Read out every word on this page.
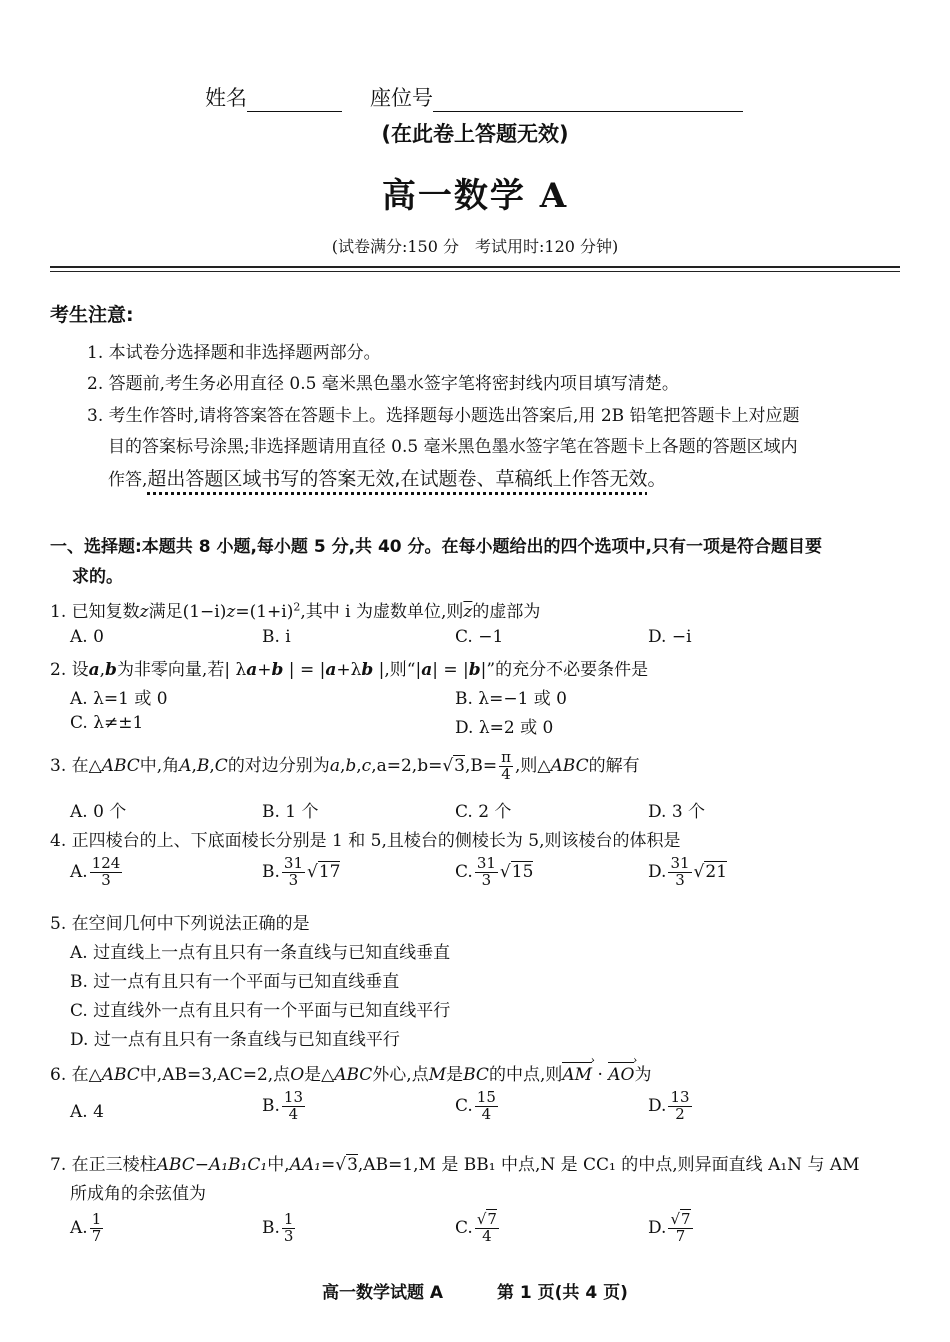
姓名	座位号
(在此卷上答题无效)
高一数学 A
(试卷满分:150 分　考试用时:120 分钟)
考生注意:
1. 本试卷分选择题和非选择题两部分。
2. 答题前,考生务必用直径 0.5 毫米黑色墨水签字笔将密封线内项目填写清楚。
3. 考生作答时,请将答案答在答题卡上。选择题每小题选出答案后,用 2B 铅笔把答题卡上对应题
目的答案标号涂黑;非选择题请用直径 0.5 毫米黑色墨水签字笔在答题卡上各题的答题区域内
作答,超出答题区域书写的答案无效,在试题卷、草稿纸上作答无效。
一、选择题:本题共 8 小题,每小题 5 分,共 40 分。在每小题给出的四个选项中,只有一项是符合题目要
求的。
1. 已知复数z满足$(1-i)z=(1+i)^2$,其中 i 为虚数单位,则$\overline{z}$的虚部为
A. 0	B. i	C. −1	D. −i
2. 设a,b为非零向量,若| λa+b | = |a+λb |,则“|a| = |b|”的充分不必要条件是
A. λ=1 或 0	B. λ=−1 或 0
C. λ≠±1	D. λ=2 或 0
3. 在△ABC中,角A,B,C的对边分别为$a,b,c,a=2,b=√3,B= \frac{\pi}{4}$ ,则△ABC的解有
A. 0 个	B. 1 个	C. 2 个	D. 3 个
4. 正四棱台的上、下底面棱长分别是 1 和 5,且棱台的侧棱长为 5,则该棱台的体积是
A. $\frac{124}{3}$	B. $\frac{31}{3} √17$	C. $\frac{31}{3} √15$	D. $\frac{31}{3} √21$
5. 在空间几何中下列说法正确的是
A. 过直线上一点有且只有一条直线与已知直线垂直
B. 过一点有且只有一个平面与已知直线垂直
C. 过直线外一点有且只有一个平面与已知直线平行
D. 过一点有且只有一条直线与已知直线平行
6. 在△ABC中,AB=3,AC=2,点O是△ABC外心,点M是BC的中点,则AM › · AO ›为
A. 4	B. $\frac{13}{4}$	C. $\frac{15}{4}$	D. $\frac{13}{2}$
7. 在正三棱柱ABC−A₁B₁C₁中,AA₁=√3,AB=1,M 是 BB₁ 中点,N 是 CC₁ 的中点,则异面直线 A₁N 与 AM
所成角的余弦值为
A. $\frac{1}{7}$	B. $\frac{1}{3}$	C. $\frac{√7}{4}$	D. $\frac{√7}{7}$
高一数学试题 A	第 1 页(共 4 页)
